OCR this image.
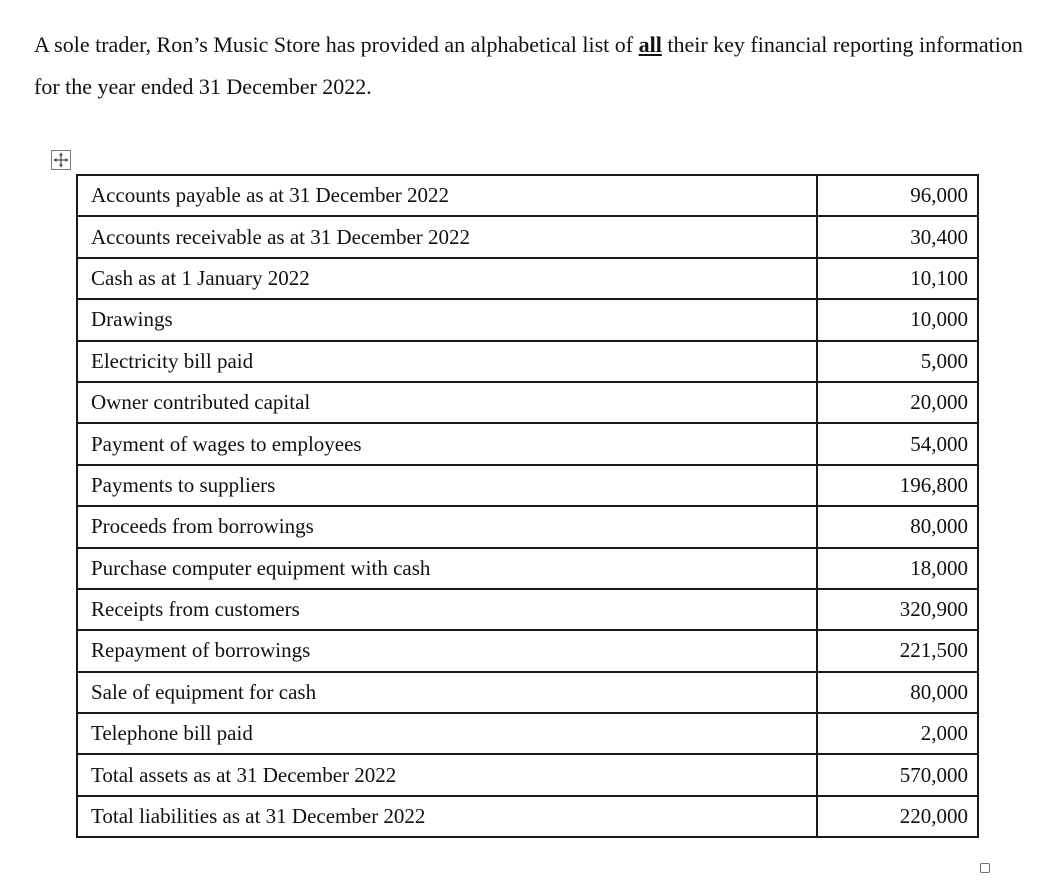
A sole trader, Ron’s Music Store has provided an alphabetical list of all their key financial reporting information for the year ended 31 December 2022.

Accounts payable as at 31 December 2022	96,000
Accounts receivable as at 31 December 2022	30,400
Cash as at 1 January 2022	10,100
Drawings	10,000
Electricity bill paid	5,000
Owner contributed capital	20,000
Payment of wages to employees	54,000
Payments to suppliers	196,800
Proceeds from borrowings	80,000
Purchase computer equipment with cash	18,000
Receipts from customers	320,900
Repayment of borrowings	221,500
Sale of equipment for cash	80,000
Telephone bill paid	2,000
Total assets as at 31 December 2022	570,000
Total liabilities as at 31 December 2022	220,000
